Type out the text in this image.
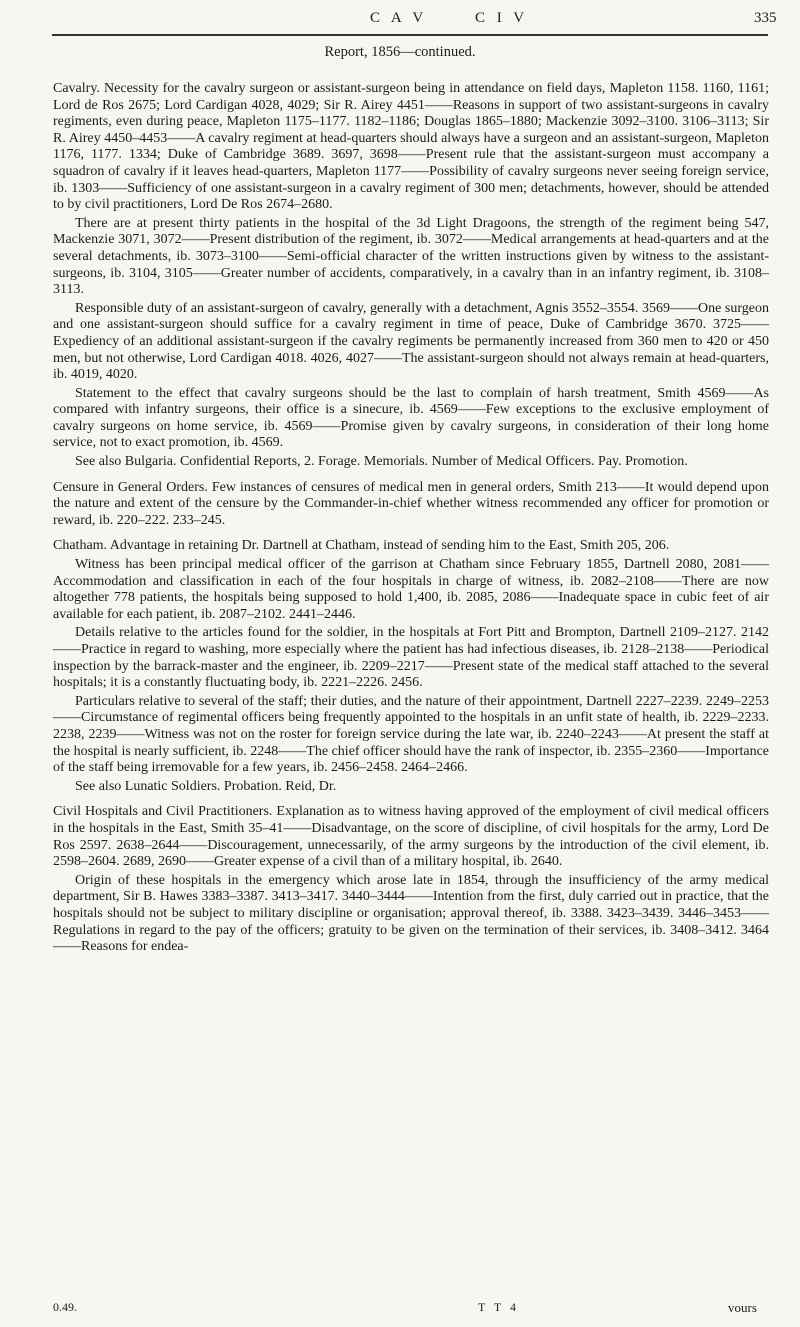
C A V	C I V	335
Report, 1856—continued.

Cavalry. Necessity for the cavalry surgeon or assistant-surgeon being in attendance on field days, Mapleton 1158. 1160, 1161; Lord de Ros 2675; Lord Cardigan 4028, 4029; Sir R. Airey 4451——Reasons in support of two assistant-surgeons in cavalry regiments, even during peace, Mapleton 1175–1177. 1182–1186; Douglas 1865–1880; Mackenzie 3092–3100. 3106–3113; Sir R. Airey 4450–4453——A cavalry regiment at head-quarters should always have a surgeon and an assistant-surgeon, Mapleton 1176, 1177. 1334; Duke of Cambridge 3689. 3697, 3698——Present rule that the assistant-surgeon must accompany a squadron of cavalry if it leaves head-quarters, Mapleton 1177——Possibility of cavalry surgeons never seeing foreign service, ib. 1303——Sufficiency of one assistant-surgeon in a cavalry regiment of 300 men; detachments, however, should be attended to by civil practitioners, Lord De Ros 2674–2680.

There are at present thirty patients in the hospital of the 3d Light Dragoons, the strength of the regiment being 547, Mackenzie 3071, 3072——Present distribution of the regiment, ib. 3072——Medical arrangements at head-quarters and at the several detachments, ib. 3073–3100——Semi-official character of the written instructions given by witness to the assistant-surgeons, ib. 3104, 3105——Greater number of accidents, comparatively, in a cavalry than in an infantry regiment, ib. 3108–3113.

Responsible duty of an assistant-surgeon of cavalry, generally with a detachment, Agnis 3552–3554. 3569——One surgeon and one assistant-surgeon should suffice for a cavalry regiment in time of peace, Duke of Cambridge 3670. 3725——Expediency of an additional assistant-surgeon if the cavalry regiments be permanently increased from 360 men to 420 or 450 men, but not otherwise, Lord Cardigan 4018. 4026, 4027——The assistant-surgeon should not always remain at head-quarters, ib. 4019, 4020.

Statement to the effect that cavalry surgeons should be the last to complain of harsh treatment, Smith 4569——As compared with infantry surgeons, their office is a sinecure, ib. 4569——Few exceptions to the exclusive employment of cavalry surgeons on home service, ib. 4569——Promise given by cavalry surgeons, in consideration of their long home service, not to exact promotion, ib. 4569.

See also Bulgaria. Confidential Reports, 2. Forage. Memorials. Number of Medical Officers. Pay. Promotion.

Censure in General Orders. Few instances of censures of medical men in general orders, Smith 213——It would depend upon the nature and extent of the censure by the Commander-in-chief whether witness recommended any officer for promotion or reward, ib. 220–222. 233–245.

Chatham. Advantage in retaining Dr. Dartnell at Chatham, instead of sending him to the East, Smith 205, 206.

Witness has been principal medical officer of the garrison at Chatham since February 1855, Dartnell 2080, 2081——Accommodation and classification in each of the four hospitals in charge of witness, ib. 2082–2108——There are now altogether 778 patients, the hospitals being supposed to hold 1,400, ib. 2085, 2086——Inadequate space in cubic feet of air available for each patient, ib. 2087–2102. 2441–2446.

Details relative to the articles found for the soldier, in the hospitals at Fort Pitt and Brompton, Dartnell 2109–2127. 2142——Practice in regard to washing, more especially where the patient has had infectious diseases, ib. 2128–2138——Periodical inspection by the barrack-master and the engineer, ib. 2209–2217——Present state of the medical staff attached to the several hospitals; it is a constantly fluctuating body, ib. 2221–2226. 2456.

Particulars relative to several of the staff; their duties, and the nature of their appointment, Dartnell 2227–2239. 2249–2253——Circumstance of regimental officers being frequently appointed to the hospitals in an unfit state of health, ib. 2229–2233. 2238, 2239——Witness was not on the roster for foreign service during the late war, ib. 2240–2243——At present the staff at the hospital is nearly sufficient, ib. 2248——The chief officer should have the rank of inspector, ib. 2355–2360——Importance of the staff being irremovable for a few years, ib. 2456–2458. 2464–2466.

See also Lunatic Soldiers. Probation. Reid, Dr.

Civil Hospitals and Civil Practitioners. Explanation as to witness having approved of the employment of civil medical officers in the hospitals in the East, Smith 35–41——Disadvantage, on the score of discipline, of civil hospitals for the army, Lord De Ros 2597. 2638–2644——Discouragement, unnecessarily, of the army surgeons by the introduction of the civil element, ib. 2598–2604. 2689, 2690——Greater expense of a civil than of a military hospital, ib. 2640.

Origin of these hospitals in the emergency which arose late in 1854, through the insufficiency of the army medical department, Sir B. Hawes 3383–3387. 3413–3417. 3440–3444——Intention from the first, duly carried out in practice, that the hospitals should not be subject to military discipline or organisation; approval thereof, ib. 3388. 3423–3439. 3446–3453——Regulations in regard to the pay of the officers; gratuity to be given on the termination of their services, ib. 3408–3412. 3464——Reasons for endea-

0.49.	T T 4	vours
